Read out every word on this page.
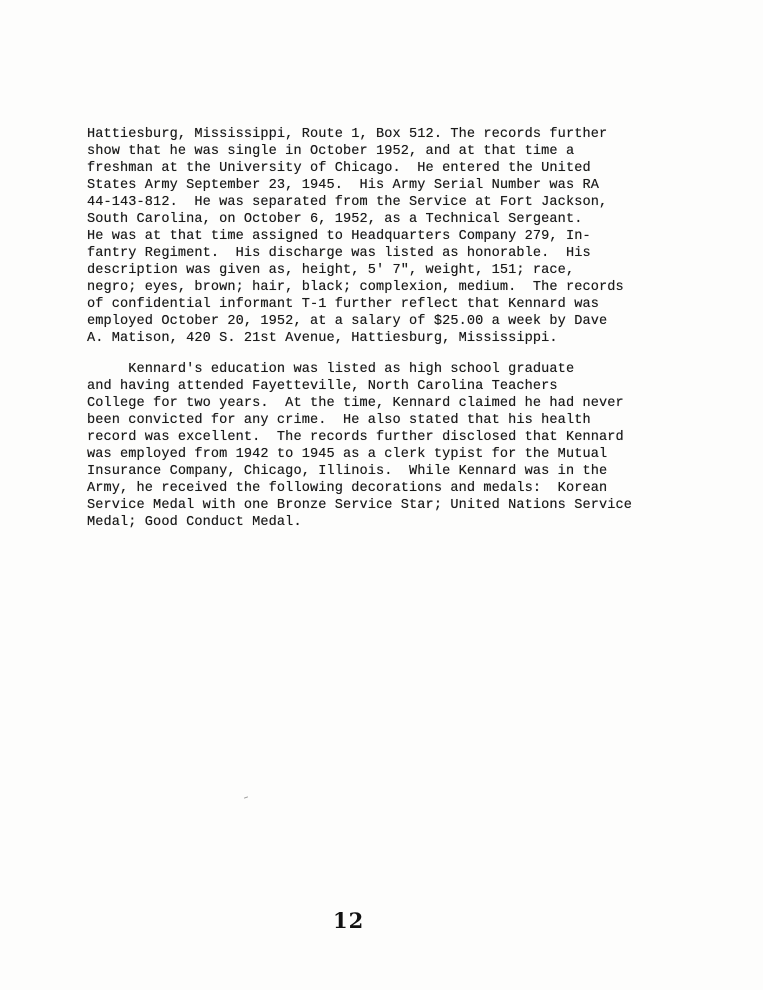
Hattiesburg, Mississippi, Route 1, Box 512. The records further
show that he was single in October 1952, and at that time a
freshman at the University of Chicago.  He entered the United
States Army September 23, 1945.  His Army Serial Number was RA
44-143-812.  He was separated from the Service at Fort Jackson,
South Carolina, on October 6, 1952, as a Technical Sergeant.
He was at that time assigned to Headquarters Company 279, In-
fantry Regiment.  His discharge was listed as honorable.  His
description was given as, height, 5' 7", weight, 151; race,
negro; eyes, brown; hair, black; complexion, medium.  The records
of confidential informant T-1 further reflect that Kennard was
employed October 20, 1952, at a salary of $25.00 a week by Dave
A. Matison, 420 S. 21st Avenue, Hattiesburg, Mississippi.
Kennard's education was listed as high school graduate
and having attended Fayetteville, North Carolina Teachers
College for two years.  At the time, Kennard claimed he had never
been convicted for any crime.  He also stated that his health
record was excellent.  The records further disclosed that Kennard
was employed from 1942 to 1945 as a clerk typist for the Mutual
Insurance Company, Chicago, Illinois.  While Kennard was in the
Army, he received the following decorations and medals:  Korean
Service Medal with one Bronze Service Star; United Nations Service
Medal; Good Conduct Medal.
12
